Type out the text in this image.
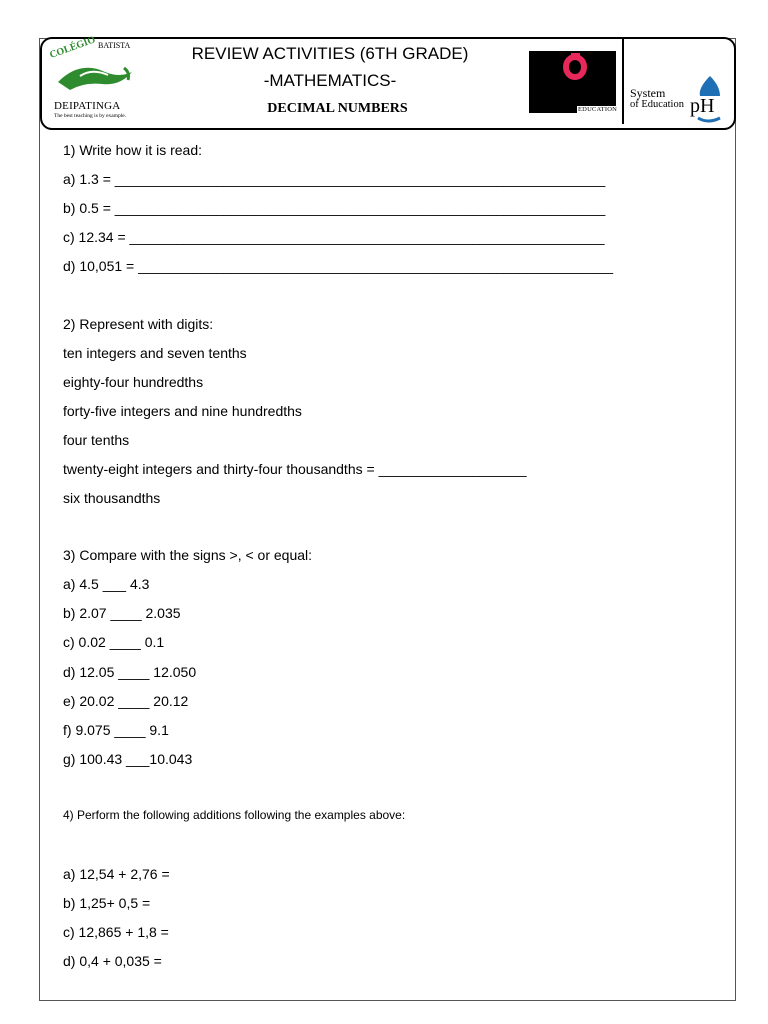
COLÉGIO BATISTA
DEIPATINGA
The best teaching is by example.
REVIEW ACTIVITIES (6TH GRADE)
-MATHEMATICS-
DECIMAL NUMBERS	EDUCATION
System
of Education pH
1) Write how it is read:
a) 1.3 = _______________________________________________________________
b) 0.5 = _______________________________________________________________
c) 12.34 = _____________________________________________________________
d) 10,051 = _____________________________________________________________
2) Represent with digits:
ten integers and seven tenths
eighty-four hundredths
forty-five integers and nine hundredths
four tenths
twenty-eight integers and thirty-four thousandths = ___________________
six thousandths
3) Compare with the signs >, < or equal:
a) 4.5 ___ 4.3
b) 2.07 ____ 2.035
c) 0.02 ____ 0.1
d) 12.05 ____ 12.050
e) 20.02 ____ 20.12
f) 9.075 ____ 9.1
g) 100.43 ___10.043
4) Perform the following additions following the examples above:
a) 12,54 + 2,76 =
b) 1,25+ 0,5 =
c) 12,865 + 1,8 =
d) 0,4 + 0,035 =
